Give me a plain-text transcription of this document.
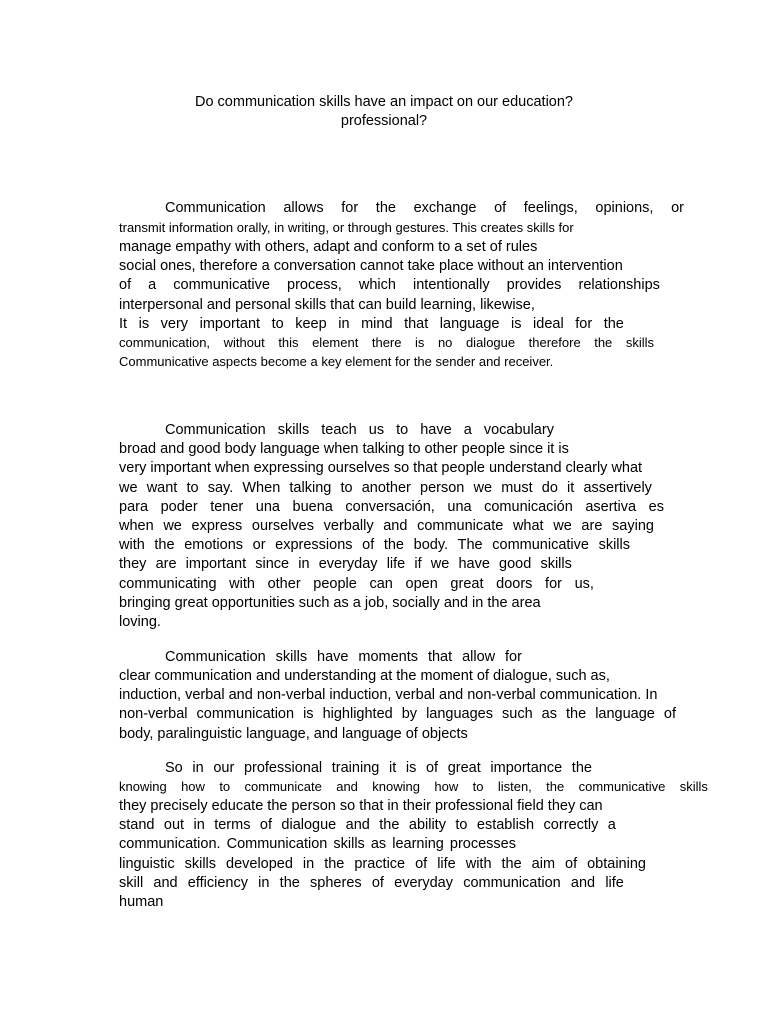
Do communication skills have an impact on our education?
professional?
Communication allows for the exchange of feelings, opinions, or
transmit information orally, in writing, or through gestures. This creates skills for
manage empathy with others, adapt and conform to a set of rules
social ones, therefore a conversation cannot take place without an intervention
of a communicative process, which intentionally provides relationships
interpersonal and personal skills that can build learning, likewise,
It is very important to keep in mind that language is ideal for the
communication, without this element there is no dialogue therefore the skills
Communicative aspects become a key element for the sender and receiver.
Communication skills teach us to have a vocabulary
broad and good body language when talking to other people since it is
very important when expressing ourselves so that people understand clearly what
we want to say. When talking to another person we must do it assertively
para poder tener una buena conversación, una comunicación asertiva es
when we express ourselves verbally and communicate what we are saying
with the emotions or expressions of the body. The communicative skills
they are important since in everyday life if we have good skills
communicating with other people can open great doors for us,
bringing great opportunities such as a job, socially and in the area
loving.
Communication skills have moments that allow for
clear communication and understanding at the moment of dialogue, such as,
induction, verbal and non-verbal induction, verbal and non-verbal communication. In
non-verbal communication is highlighted by languages such as the language of
body, paralinguistic language, and language of objects
So in our professional training it is of great importance the
knowing how to communicate and knowing how to listen, the communicative skills
they precisely educate the person so that in their professional field they can
stand out in terms of dialogue and the ability to establish correctly a
communication. Communication skills as learning processes
linguistic skills developed in the practice of life with the aim of obtaining
skill and efficiency in the spheres of everyday communication and life
human
